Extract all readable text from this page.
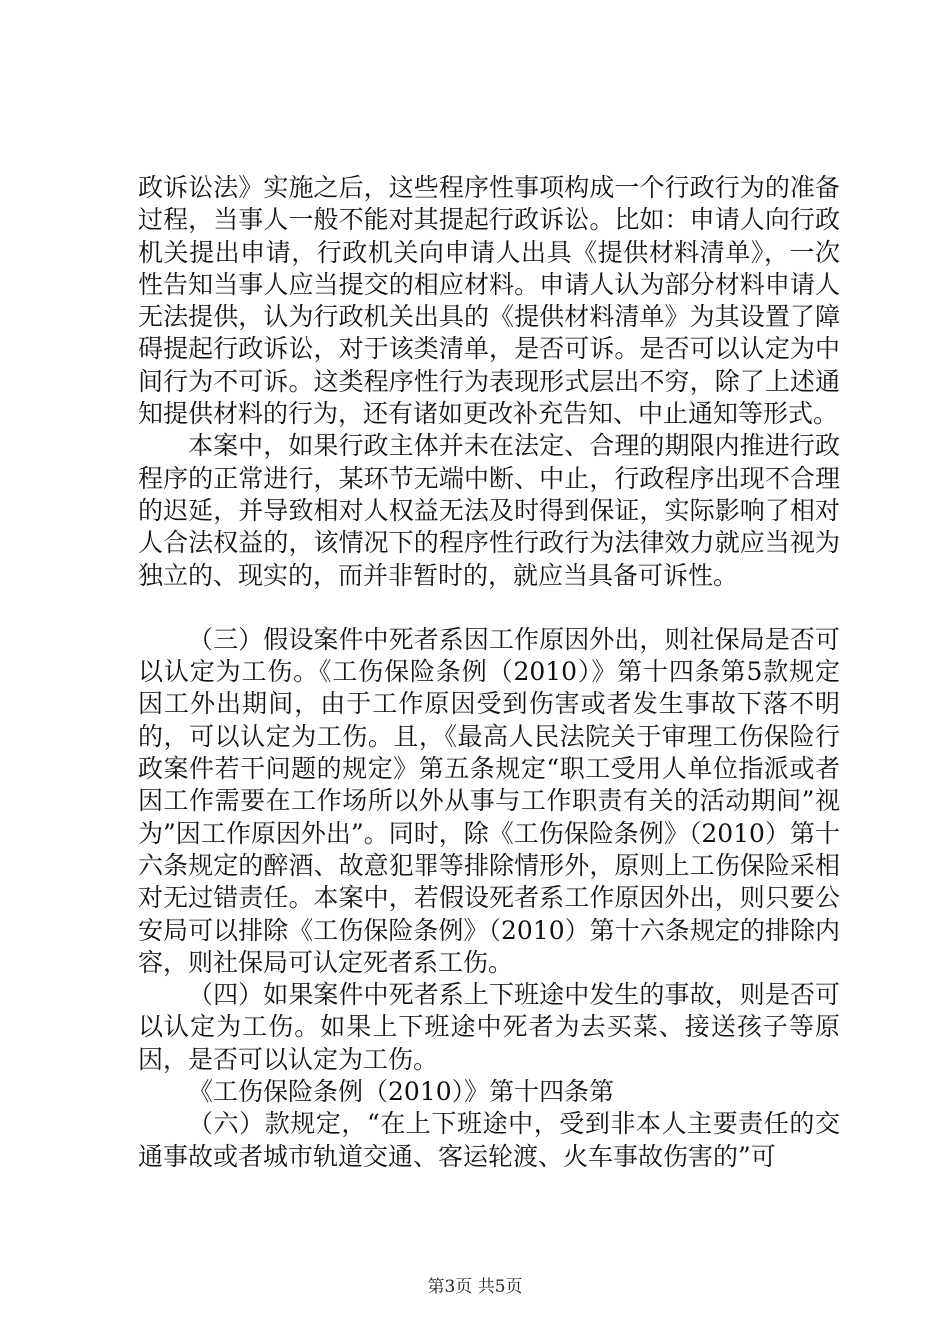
政诉讼法》实施之后，这些程序性事项构成一个行政行为的准备过程，当事人一般不能对其提起行政诉讼。比如：申请人向行政机关提出申请，行政机关向申请人出具《提供材料清单》，一次性告知当事人应当提交的相应材料。申请人认为部分材料申请人无法提供，认为行政机关出具的《提供材料清单》为其设置了障碍提起行政诉讼，对于该类清单，是否可诉。是否可以认定为中间行为不可诉。这类程序性行为表现形式层出不穷，除了上述通知提供材料的行为，还有诸如更改补充告知、中止通知等形式。

本案中，如果行政主体并未在法定、合理的期限内推进行政程序的正常进行，某环节无端中断、中止，行政程序出现不合理的迟延，并导致相对人权益无法及时得到保证，实际影响了相对人合法权益的，该情况下的程序性行政行为法律效力就应当视为独立的、现实的，而并非暂时的，就应当具备可诉性。

（三）假设案件中死者系因工作原因外出，则社保局是否可以认定为工伤。《工伤保险条例（2010）》第十四条第5款规定因工外出期间，由于工作原因受到伤害或者发生事故下落不明的，可以认定为工伤。且，《最高人民法院关于审理工伤保险行政案件若干问题的规定》第五条规定“职工受用人单位指派或者因工作需要在工作场所以外从事与工作职责有关的活动期间”视为”因工作原因外出”。同时，除《工伤保险条例》（2010）第十六条规定的醉酒、故意犯罪等排除情形外，原则上工伤保险采相对无过错责任。本案中，若假设死者系工作原因外出，则只要公安局可以排除《工伤保险条例》（2010）第十六条规定的排除内容，则社保局可认定死者系工伤。

（四）如果案件中死者系上下班途中发生的事故，则是否可以认定为工伤。如果上下班途中死者为去买菜、接送孩子等原因，是否可以认定为工伤。

《工伤保险条例（2010）》第十四条第

（六）款规定，“在上下班途中，受到非本人主要责任的交通事故或者城市轨道交通、客运轮渡、火车事故伤害的”可

第3页 共5页
